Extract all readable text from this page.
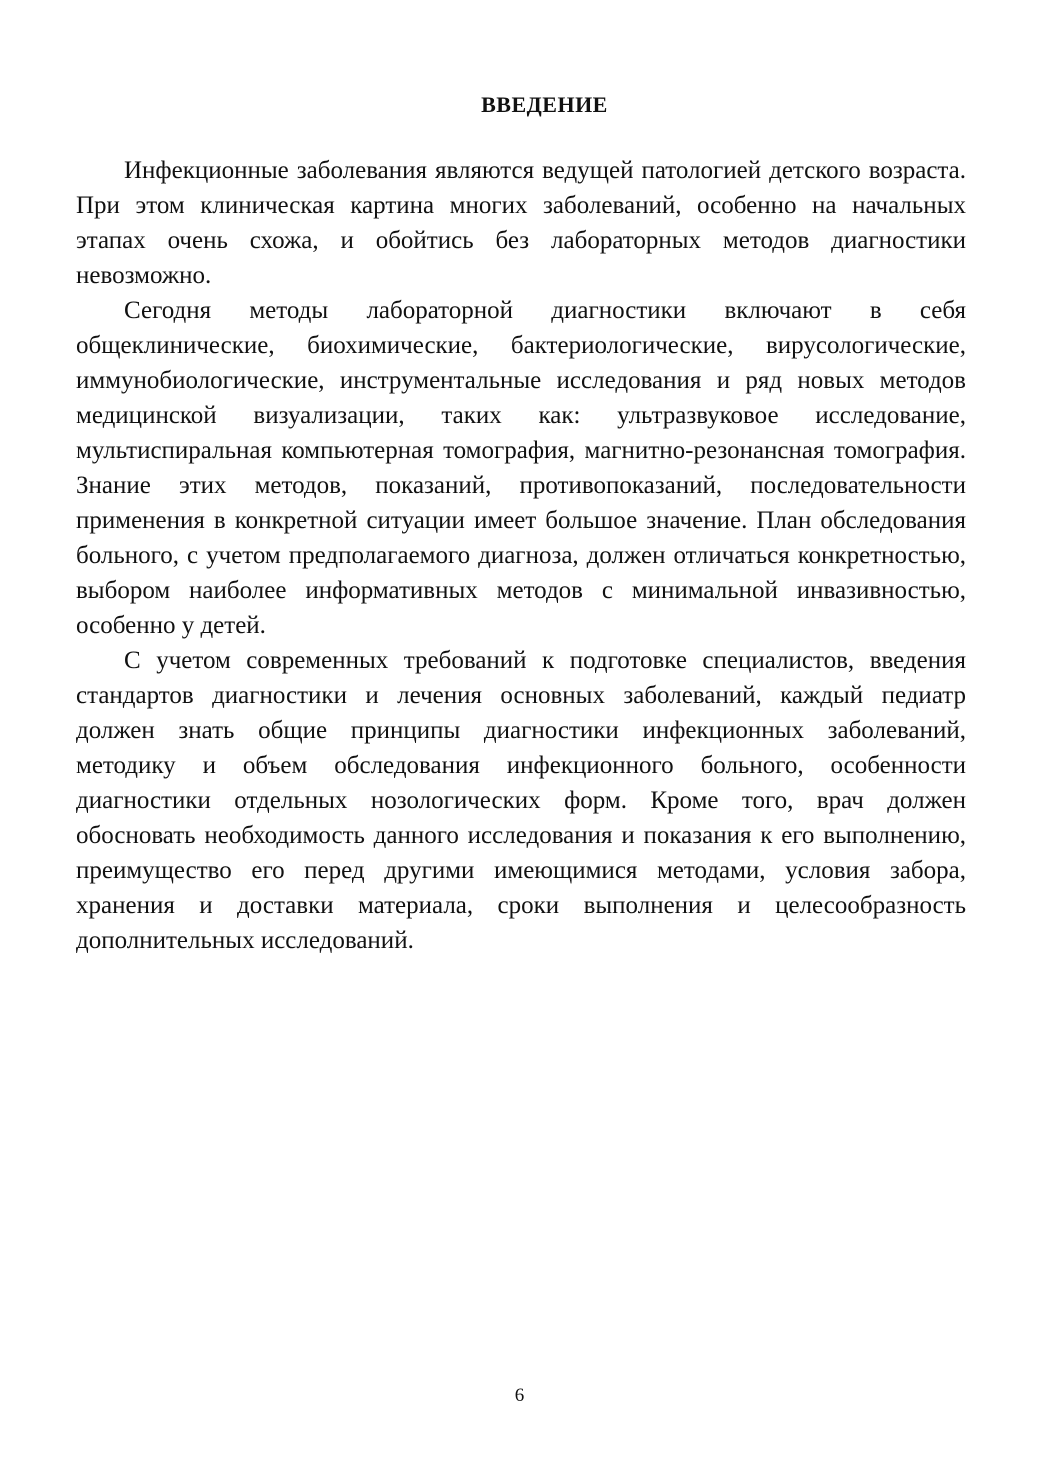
ВВЕДЕНИЕ

Инфекционные заболевания являются ведущей патологией детского возраста. При этом клиническая картина многих заболеваний, особенно на начальных этапах очень схожа, и обойтись без лабораторных методов диагностики невозможно.

Сегодня методы лабораторной диагностики включают в себя общеклинические, биохимические, бактериологические, вирусологические, иммунобиологические, инструментальные исследования и ряд новых методов медицинской визуализации, таких как: ультразвуковое исследование, мультиспиральная компьютерная томография, магнитно-резонансная томография. Знание этих методов, показаний, противопоказаний, последовательности применения в конкретной ситуации имеет большое значение. План обследования больного, с учетом предполагаемого диагноза, должен отличаться конкретностью, выбором наиболее информативных методов с минимальной инвазивностью, особенно у детей.

С учетом современных требований к подготовке специалистов, введения стандартов диагностики и лечения основных заболеваний, каждый педиатр должен знать общие принципы диагностики инфекционных заболеваний, методику и объем обследования инфекционного больного, особенности диагностики отдельных нозологических форм. Кроме того, врач должен обосновать необходимость данного исследования и показания к его выполнению, преимущество его перед другими имеющимися методами, условия забора, хранения и доставки материала, сроки выполнения и целесообразность дополнительных исследований.

6
